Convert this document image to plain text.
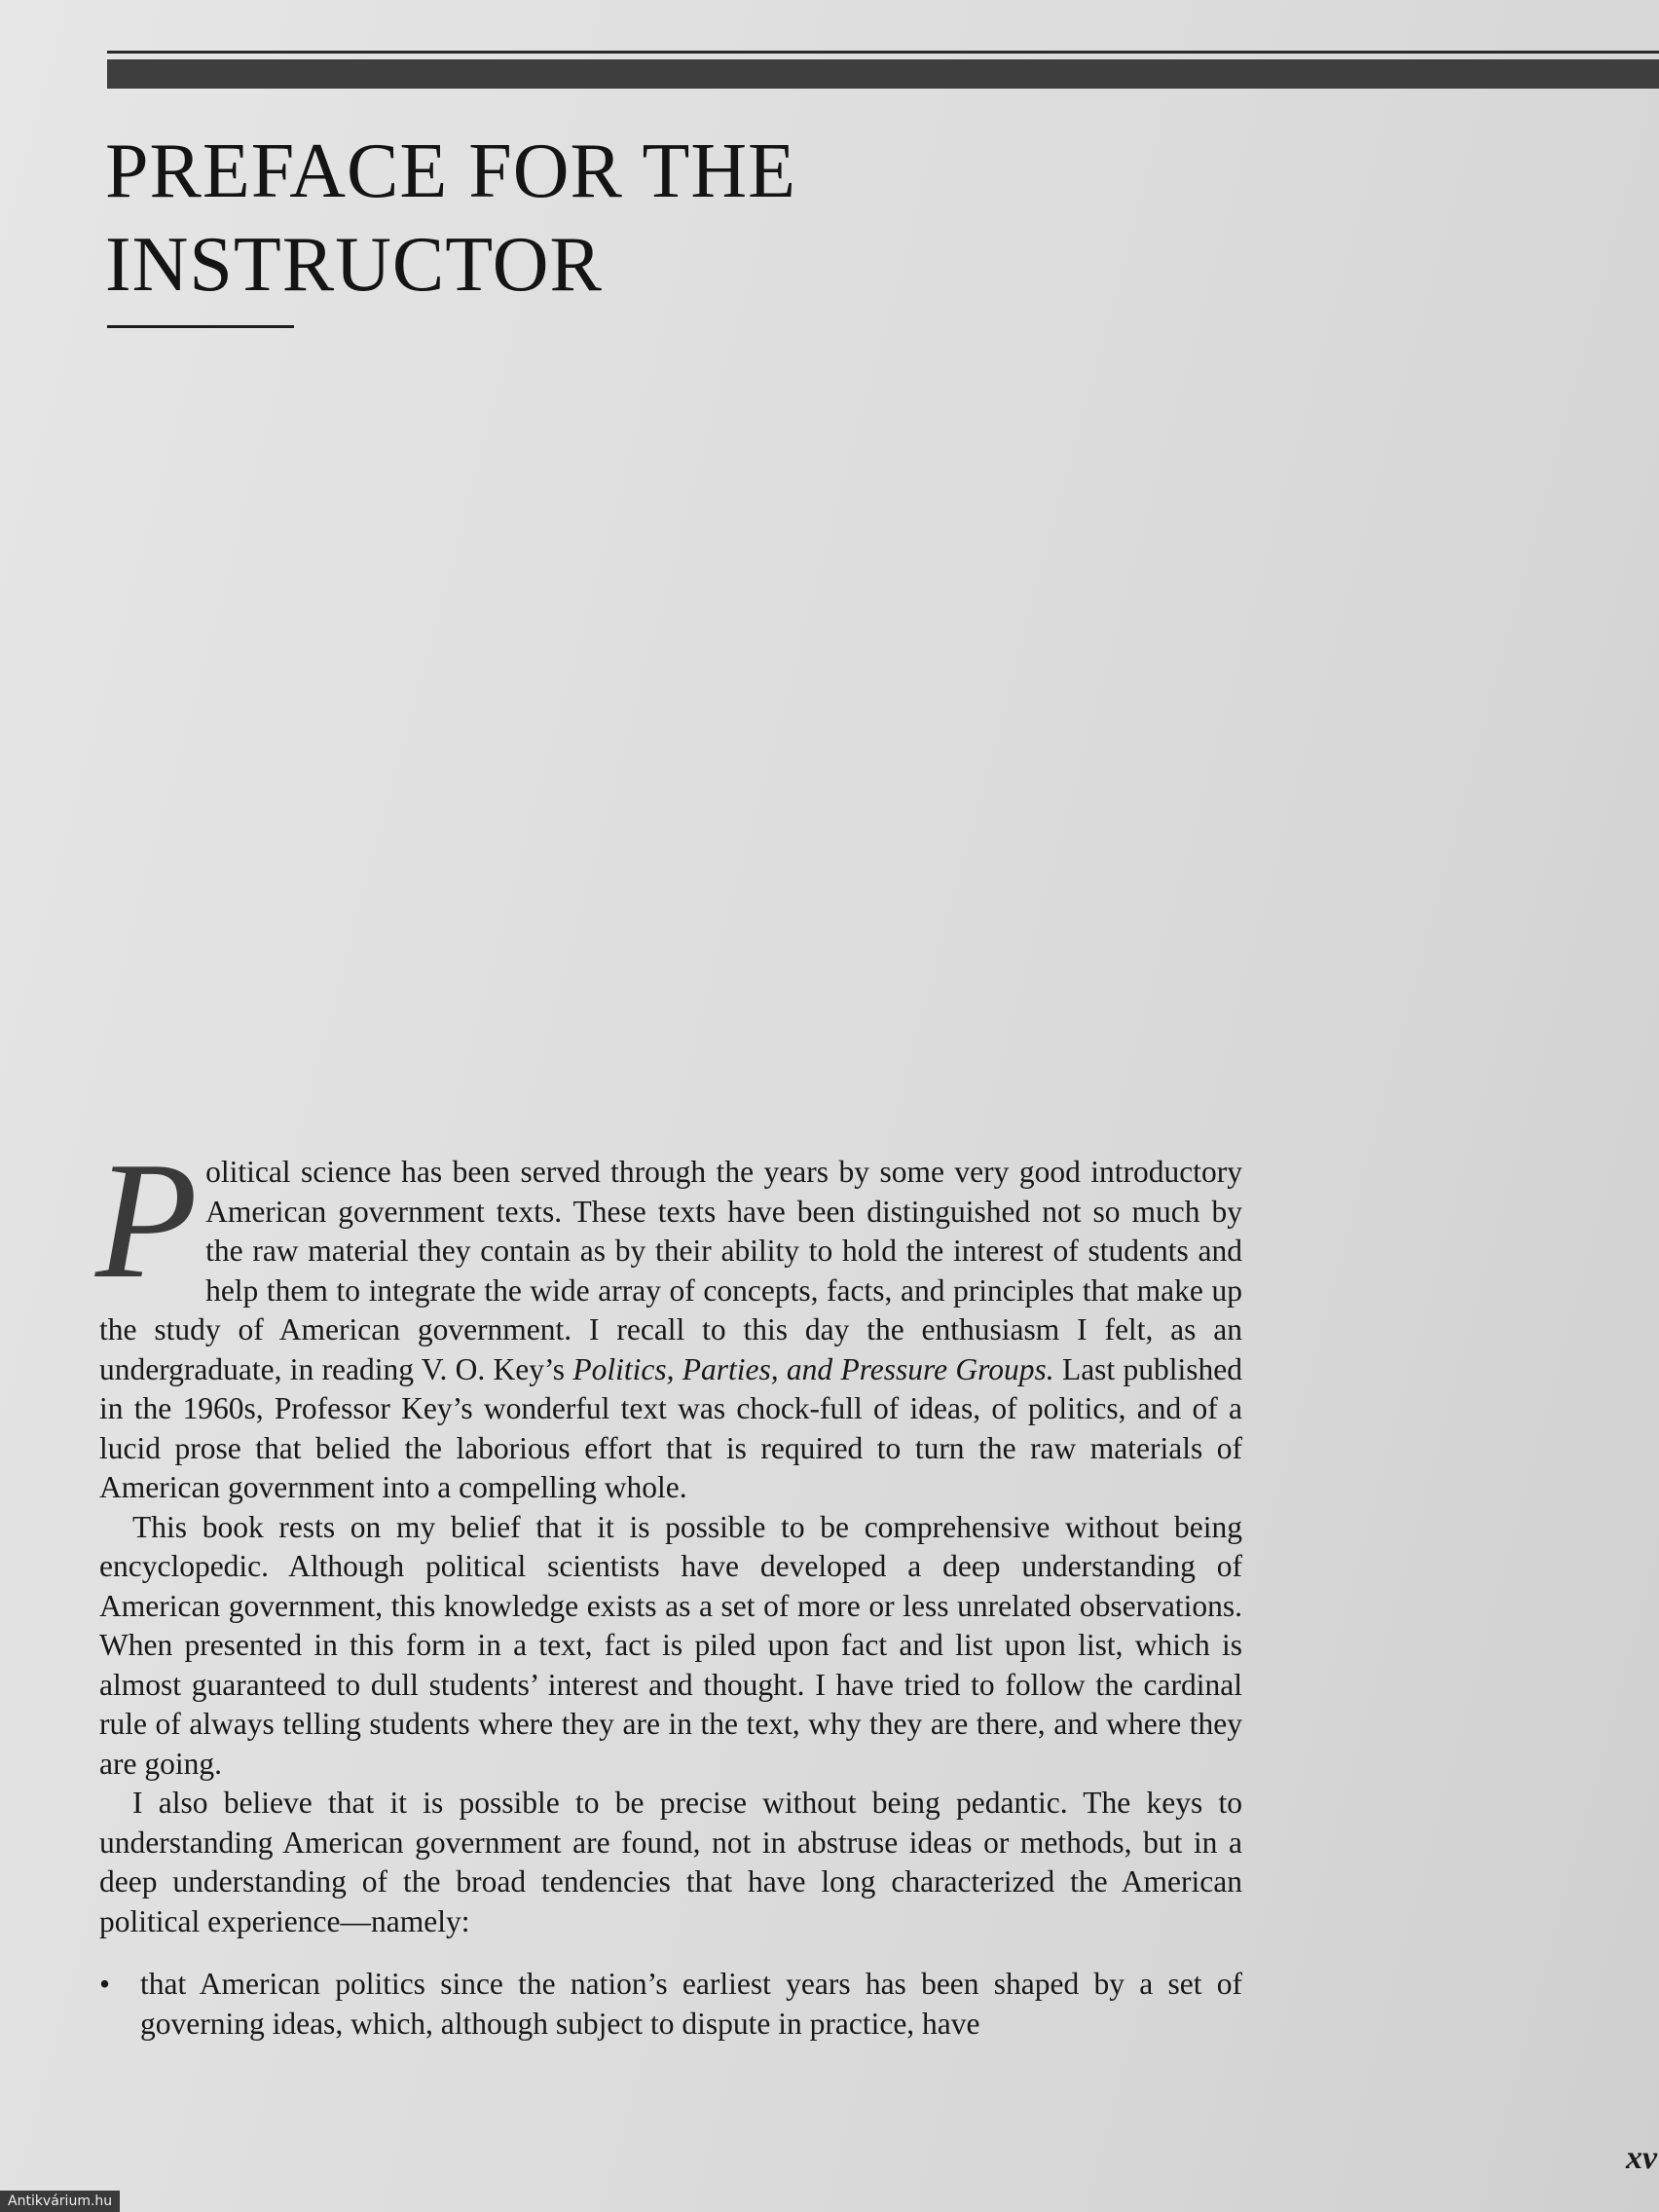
PREFACE FOR THE
INSTRUCTOR

Political science has been served through the years by some very good introductory American government texts. These texts have been distinguished not so much by the raw material they contain as by their ability to hold the interest of students and help them to integrate the wide array of concepts, facts, and principles that make up the study of American government. I recall to this day the enthusiasm I felt, as an undergraduate, in reading V. O. Key’s Politics, Parties, and Pressure Groups. Last published in the 1960s, Professor Key’s wonderful text was chock-full of ideas, of politics, and of a lucid prose that belied the laborious effort that is required to turn the raw materials of American government into a compelling whole.

This book rests on my belief that it is possible to be comprehensive without being encyclopedic. Although political scientists have developed a deep understanding of American government, this knowledge exists as a set of more or less unrelated observations. When presented in this form in a text, fact is piled upon fact and list upon list, which is almost guaranteed to dull students’ interest and thought. I have tried to follow the cardinal rule of always telling students where they are in the text, why they are there, and where they are going.

I also believe that it is possible to be precise without being pedantic. The keys to understanding American government are found, not in abstruse ideas or methods, but in a deep understanding of the broad tendencies that have long characterized the American political experience—namely:

• that American politics since the nation’s earliest years has been shaped by a set of governing ideas, which, although subject to dispute in practice, have
xv
Antikvárium.hu
